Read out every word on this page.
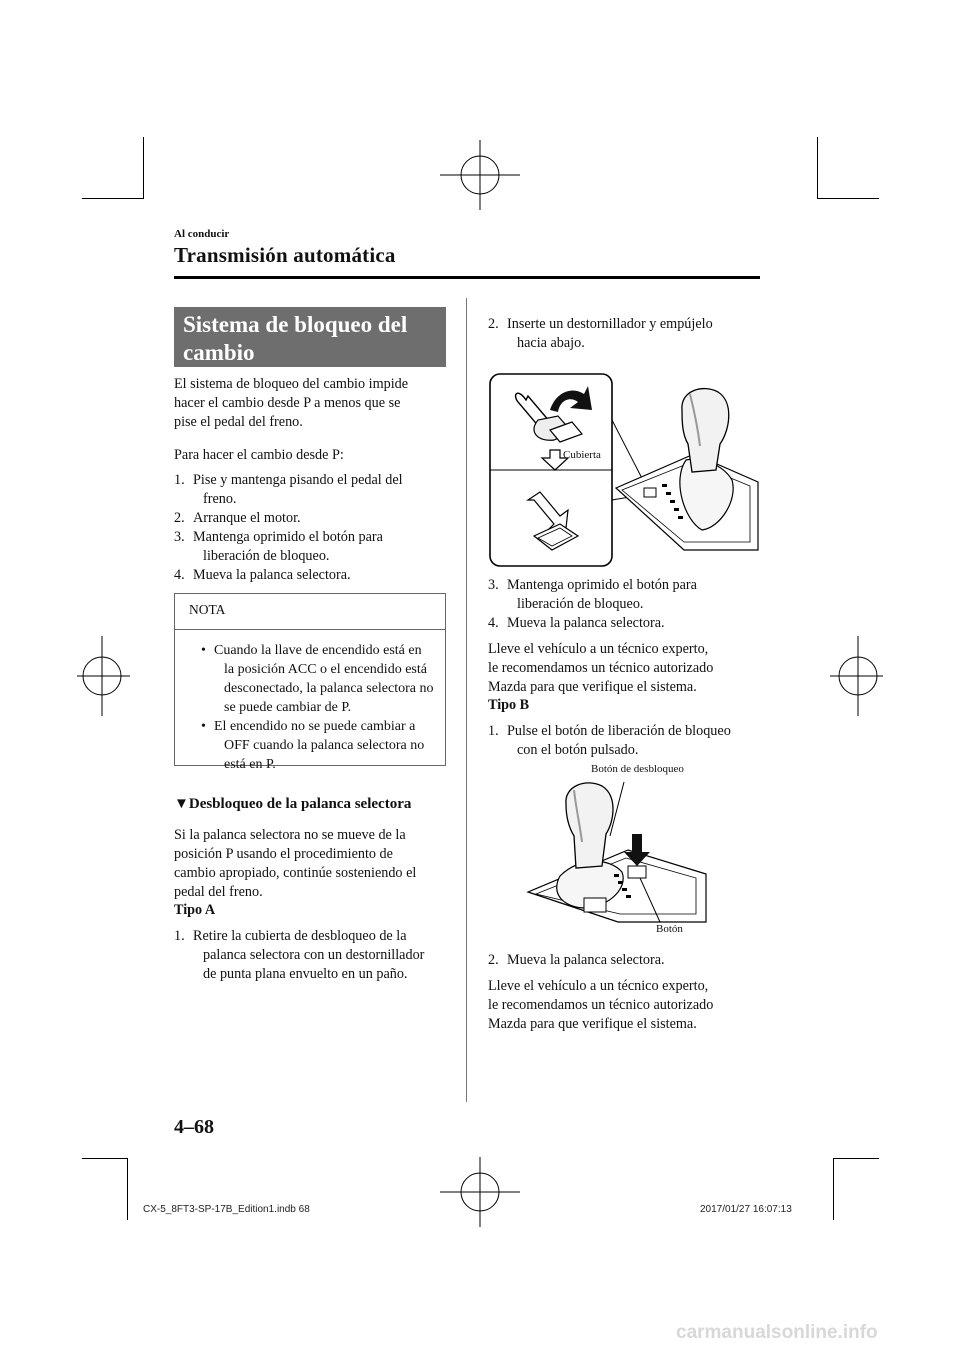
Al conducir
Transmisión automática
Sistema de bloqueo del
cambio
El sistema de bloqueo del cambio impide
hacer el cambio desde P a menos que se
pise el pedal del freno.
Para hacer el cambio desde P:
1. Pise y mantenga pisando el pedal del
freno.
2. Arranque el motor.
3. Mantenga oprimido el botón para
liberación de bloqueo.
4. Mueva la palanca selectora.
NOTA
• Cuando la llave de encendido está en
la posición ACC o el encendido está
desconectado, la palanca selectora no
se puede cambiar de P.
• El encendido no se puede cambiar a
OFF cuando la palanca selectora no
está en P.
▼Desbloqueo de la palanca selectora
Si la palanca selectora no se mueve de la
posición P usando el procedimiento de
cambio apropiado, continúe sosteniendo el
pedal del freno.
Tipo A
1. Retire la cubierta de desbloqueo de la
palanca selectora con un destornillador
de punta plana envuelto en un paño.
2. Inserte un destornillador y empújelo
hacia abajo.
Cubierta
3. Mantenga oprimido el botón para
liberación de bloqueo.
4. Mueva la palanca selectora.
Lleve el vehículo a un técnico experto,
le recomendamos un técnico autorizado
Mazda para que verifique el sistema.
Tipo B
1. Pulse el botón de liberación de bloqueo
con el botón pulsado.
Botón de desbloqueo
Botón
2. Mueva la palanca selectora.
Lleve el vehículo a un técnico experto,
le recomendamos un técnico autorizado
Mazda para que verifique el sistema.
4–68
CX-5_8FT3-SP-17B_Edition1.indb 68	2017/01/27 16:07:13
carmanualsonline.info
